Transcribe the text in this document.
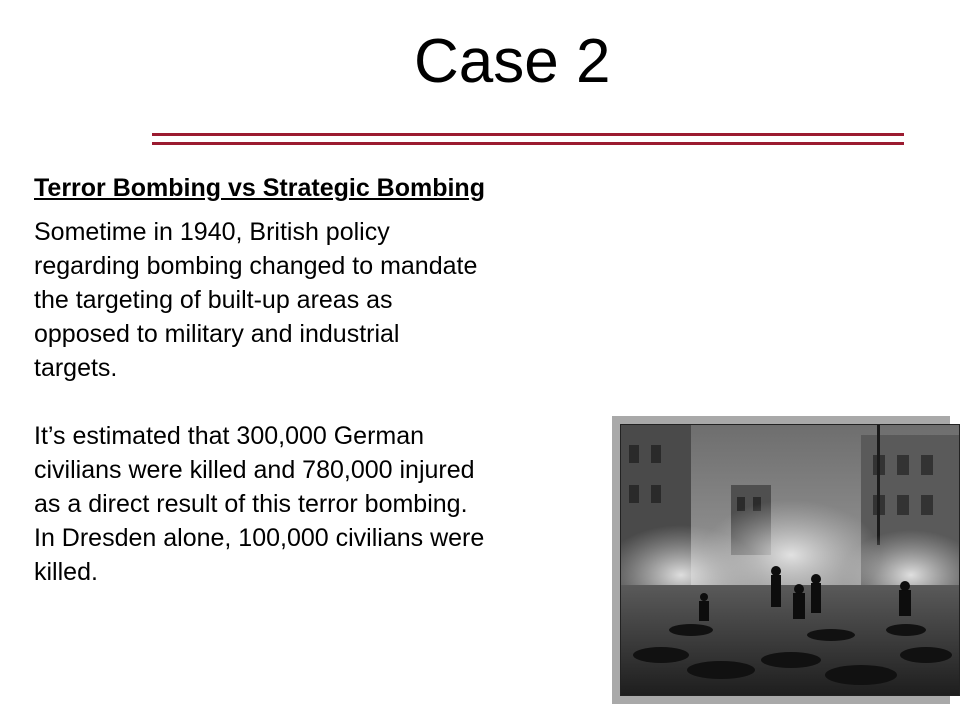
Case 2

Terror Bombing vs Strategic Bombing

Sometime in 1940, British policy
regarding bombing changed to mandate
the targeting of built-up areas as
opposed to military and industrial
targets.

It’s estimated that 300,000 German
civilians were killed and 780,000 injured
as a direct result of this terror bombing.
In Dresden alone, 100,000 civilians were
killed.
